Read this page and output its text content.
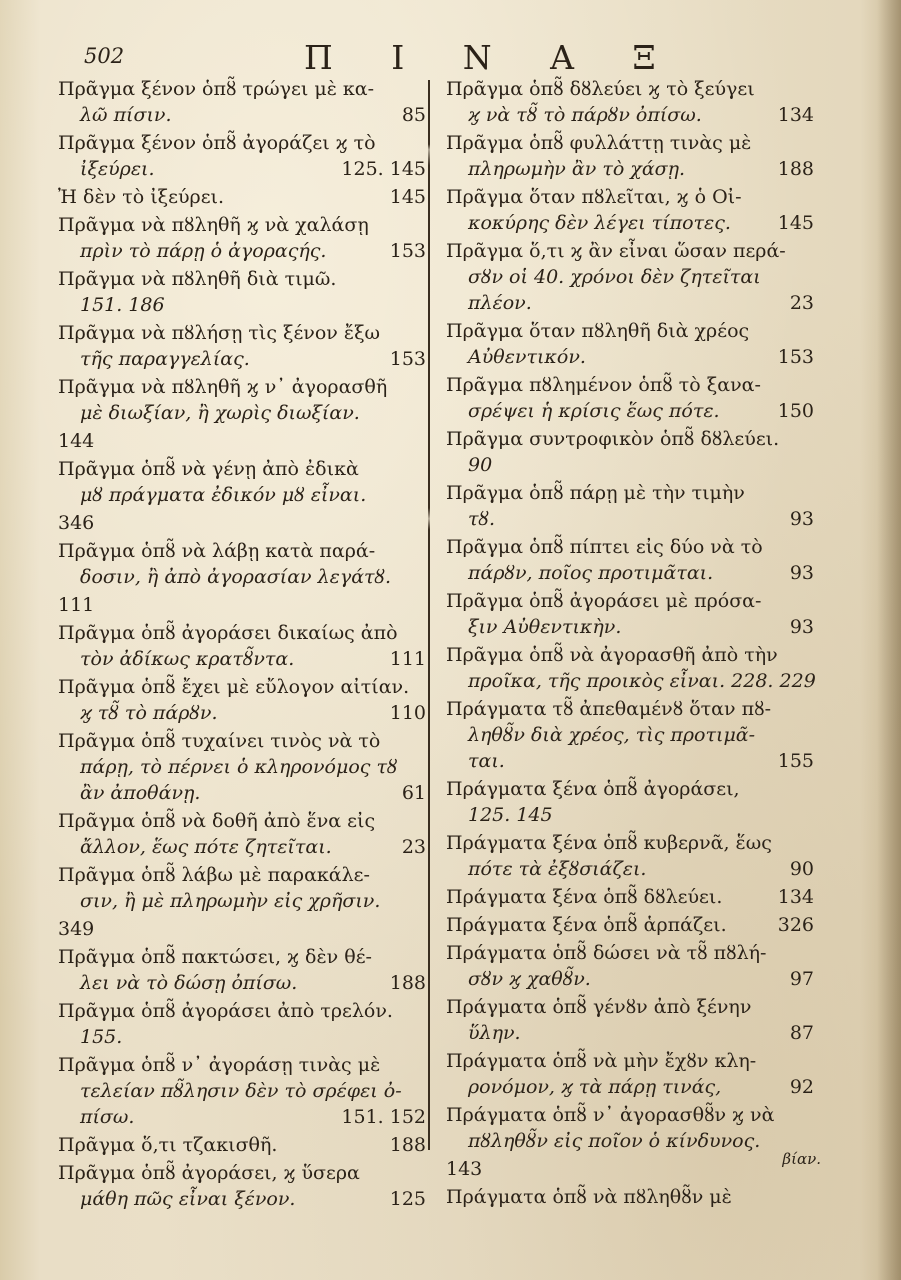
502	Π Ι Ν Α Ξ
Πρᾶγμα ξένον ὁπȣ̃ τρώγει μὲ κα-
λῶ πίσιν.	85
Πρᾶγμα ξένον ὁπȣ̃ ἀγοράζει ϗ τὸ
ἰξεύρει.	125. 145
Ἠ δὲν τὸ ἰξεύρει.	145
Πρᾶγμα νὰ πȣληθῆ ϗ νὰ χαλάσῃ
πρὶν τὸ πάρῃ ὁ ἀγοραςής.	153
Πρᾶγμα νὰ πȣληθῆ διὰ τιμῶ.
151. 186
Πρᾶγμα νὰ πȣλήσῃ τὶς ξένον ἔξω
τῆς παραγγελίας.	153
Πρᾶγμα νὰ πȣληθῆ ϗ ν᾽ ἀγορασθῆ
μὲ διωξίαν, ἢ χωρὶς διωξίαν.
144
Πρᾶγμα ὁπȣ̃ νὰ γένῃ ἀπὸ ἐδικὰ
μȣ πράγματα ἐδικόν μȣ εἶναι.
346
Πρᾶγμα ὁπȣ̃ νὰ λάβῃ κατὰ παρά-
δοσιν, ἢ ἀπὸ ἀγορασίαν λεγάτȣ.
111
Πρᾶγμα ὁπȣ̃ ἀγοράσει δικαίως ἀπὸ
τὸν ἀδίκως κρατȣ̃ντα.	111
Πρᾶγμα ὁπȣ̃ ἔχει μὲ εὔλογον αἰτίαν.
ϗ τȣ̃ τὸ πάρȣν.	110
Πρᾶγμα ὁπȣ̃ τυχαίνει τινὸς νὰ τὸ
πάρῃ, τὸ πέρνει ὁ κληρονόμος τȣ
ἂν ἀποθάνῃ.	61
Πρᾶγμα ὁπȣ̃ νὰ δοθῆ ἀπὸ ἕνα εἰς
ἄλλον, ἕως πότε ζητεῖται.	23
Πρᾶγμα ὁπȣ̃ λάβω μὲ παρακάλε-
σιν, ἢ μὲ πληρωμὴν εἰς χρῆσιν.
349
Πρᾶγμα ὁπȣ̃ πακτώσει, ϗ δὲν θέ-
λει νὰ τὸ δώσῃ ὀπίσω.	188
Πρᾶγμα ὁπȣ̃ ἀγοράσει ἀπὸ τρελόν.
155.
Πρᾶγμα ὁπȣ̃ ν᾽ ἀγοράσῃ τινὰς μὲ
τελείαν πȣ̃λησιν δὲν τὸ σρέφει ὀ-
πίσω.	151. 152
Πρᾶγμα ὅ,τι τζακισθῆ.	188
Πρᾶγμα ὁπȣ̃ ἀγοράσει, ϗ ὕσερα
μάθη πῶς εἶναι ξένον.	125
Πρᾶγμα ὁπȣ̃ δȣλεύει ϗ τὸ ξεύγει
ϗ νὰ τȣ̃ τὸ πάρȣν ὀπίσω.	134
Πρᾶγμα ὁπȣ̃ φυλλάττῃ τινὰς μὲ
πληρωμὴν ἂν τὸ χάσῃ.	188
Πρᾶγμα ὅταν πȣλεῖται, ϗ ὁ Οἰ-
κοκύρης δὲν λέγει τίποτες. 145
Πρᾶγμα ὅ,τι ϗ ἂν εἶναι ὥσαν περά-
σȣν οἱ 40. χρόνοι δὲν ζητεῖται
πλέον.	23
Πρᾶγμα ὅταν πȣληθῆ διὰ χρέος
Αὐθεντικόν.	153
Πρᾶγμα πȣλημένον ὁπȣ̃ τὸ ξανα-
σρέψει ἡ κρίσις ἕως πότε.	150
Πρᾶγμα συντροφικὸν ὁπȣ̃ δȣλεύει.
90
Πρᾶγμα ὁπȣ̃ πάρῃ μὲ τὴν τιμὴν
τȣ.	93
Πρᾶγμα ὁπȣ̃ πίπτει εἰς δύο νὰ τὸ
πάρȣν, ποῖος προτιμᾶται.	93
Πρᾶγμα ὁπȣ̃ ἀγοράσει μὲ πρόσα-
ξιν Αὐθεντικὴν.	93
Πρᾶγμα ὁπȣ̃ νὰ ἀγορασθῆ ἀπὸ τὴν
προῖκα, τῆς προικὸς εἶναι. 228. 229
Πράγματα τȣ̃ ἀπεθαμένȣ ὅταν πȣ-
ληθȣ̃ν διὰ χρέος, τὶς προτιμᾶ-
ται.	155
Πράγματα ξένα ὁπȣ̃ ἀγοράσει,
125. 145
Πράγματα ξένα ὁπȣ̃ κυβερνᾶ, ἕως
πότε τὰ ἐξȣσιάζει.	90
Πράγματα ξένα ὁπȣ̃ δȣλεύει.	134
Πράγματα ξένα ὁπȣ̃ ἁρπάζει.	326
Πράγματα ὁπȣ̃ δώσει νὰ τȣ̃ πȣλή-
σȣν ϗ χαθȣ̃ν.	97
Πράγματα ὁπȣ̃ γένȣν ἀπὸ ξένην
ὕλην.	87
Πράγματα ὁπȣ̃ νὰ μὴν ἔχȣν κλη-
ρονόμον, ϗ τὰ πάρῃ τινάς,	92
Πράγματα ὁπȣ̃ ν᾽ ἀγορασθȣ̃ν ϗ νὰ
πȣληθȣ̃ν εἰς ποῖον ὁ κίνδυνος.
143
Πράγματα ὁπȣ̃ νὰ πȣληθȣ̃ν μὲ
βίαν.
